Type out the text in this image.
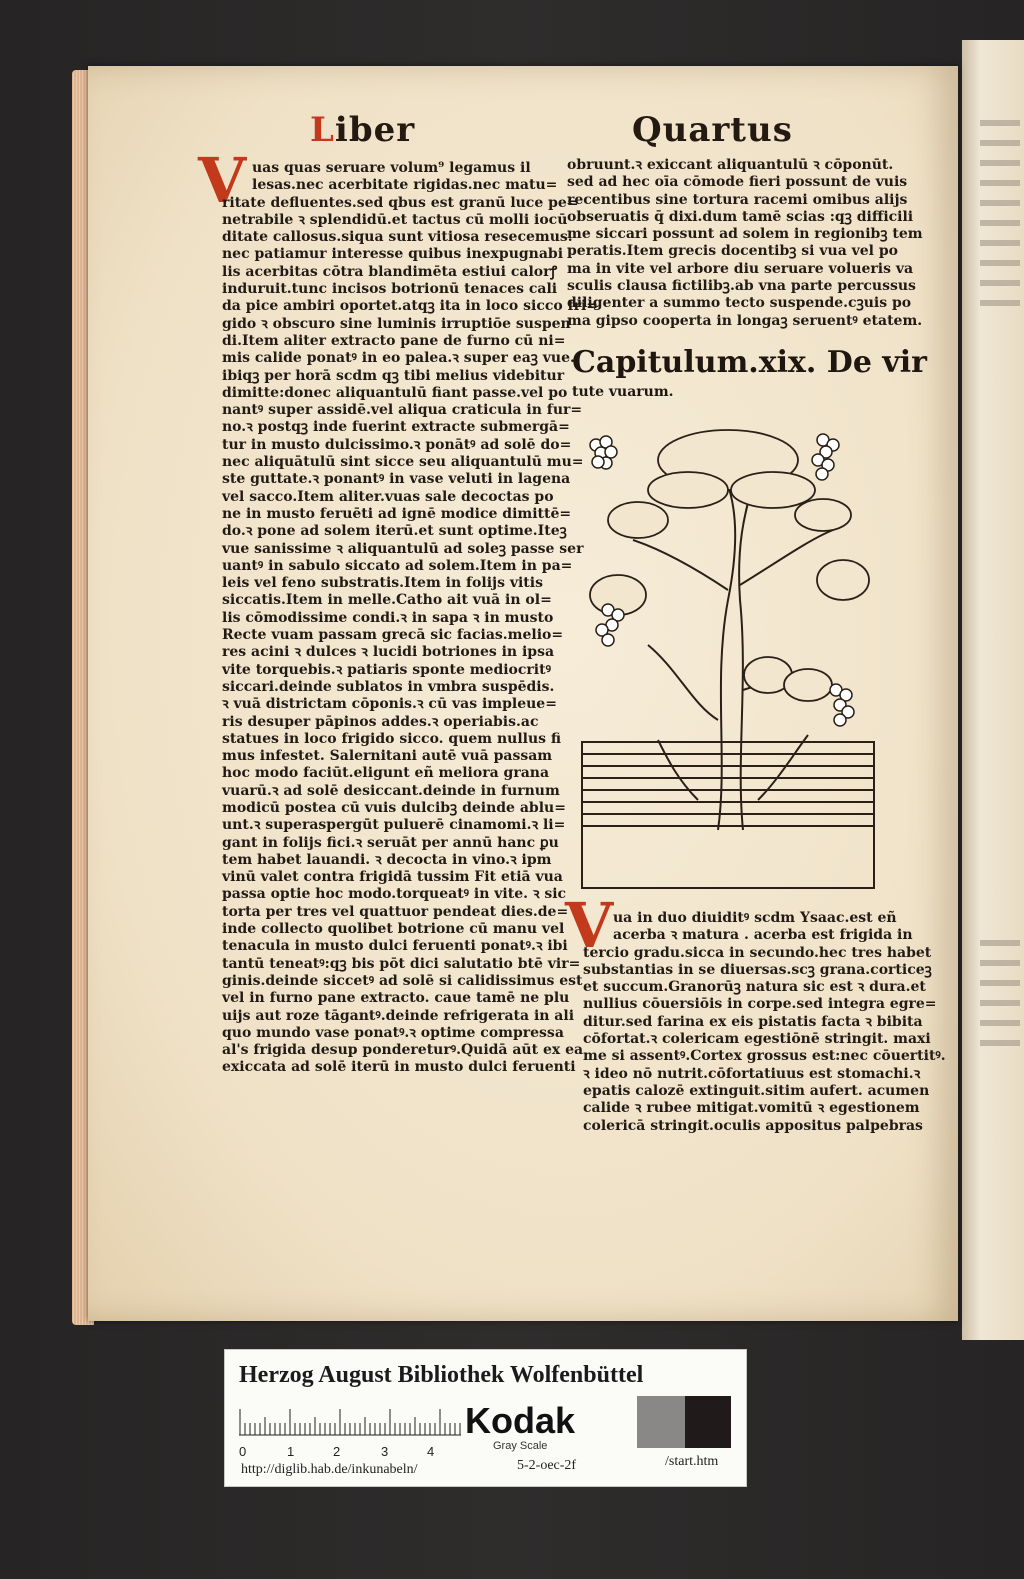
Liber	Quartus
V uas quas seruare volum⁹ legamus il

lesas.nec acerbitate rigidas.nec matu=

ritate defluentes.sed qbus est granū luce pe=

netrabile ꝛ splendidū.et tactus cū molli iocū

ditate callosus.siqua sunt vitiosa resecemus.

nec patiamur interesse quibus inexpugnabi

lis acerbitas cōtra blandimēta estiui calorꝭ

induruit.tunc incisos botrionū tenaces cali

da pice ambiri oportet.atqꝫ ita in loco sicco fri=

gido ꝛ obscuro sine luminis irruptiōe suspen

di.Item aliter extracto pane de furno cū ni=

mis calide ponatꝰ in eo palea.ꝛ super eaꝫ vue.

ibiqꝫ per horā scdm qꝫ tibi melius videbitur

dimitte:donec aliquantulū fiant passe.vel po

nantꝰ super assidē.vel aliqua craticula in fur=

no.ꝛ postqꝫ inde fuerint extracte submergā=

tur in musto dulcissimo.ꝛ ponātꝰ ad solē do=

nec aliquātulū sint sicce seu aliquantulū mu=

ste guttate.ꝛ ponantꝰ in vase veluti in lagena

vel sacco.Item aliter.vuas sale decoctas po

ne in musto feruēti ad ignē modice dimittē=

do.ꝛ pone ad solem iterū.et sunt optime.Iteꝫ

vue sanissime ꝛ aliquantulū ad soleꝫ passe ser

uantꝰ in sabulo siccato ad solem.Item in pa=

leis vel feno substratis.Item in folijs vitis

siccatis.Item in melle.Catho ait vuā in ol=

lis cōmodissime condi.ꝛ in sapa ꝛ in musto

Recte vuam passam grecā sic facias.melio=

res acini ꝛ dulces ꝛ lucidi botriones in ipsa

vite torquebis.ꝛ patiaris sponte mediocritꝰ

siccari.deinde sublatos in vmbra suspēdis.

ꝛ vuā districtam cōponis.ꝛ cū vas impleue=

ris desuper pāpinos addes.ꝛ operiabis.ac

statues in loco frigido sicco. quem nullus fi

mus infestet. Salernitani autē vuā passam

hoc modo faciūt.eligunt eñ meliora grana

vuarū.ꝛ ad solē desiccant.deinde in furnum

modicū postea cū vuis dulcibꝫ deinde ablu=

unt.ꝛ superaspergūt puluerē cinamomi.ꝛ li=

gant in folijs fici.ꝛ seruāt per annū hanc ꝑu

tem habet lauandi. ꝛ decocta in vino.ꝛ ipm

vinū valet contra frigidā tussim Fit etiā vua

passa optie hoc modo.torqueatꝰ in vite. ꝛ sic

torta per tres vel quattuor pendeat dies.de=

inde collecto quolibet botrione cū manu vel

tenacula in musto dulci feruenti ponatꝰ.ꝛ ibi

tantū teneatꝰ:qꝫ bis pōt dici salutatio btē vir=

ginis.deinde siccetꝰ ad solē si calidissimus est

vel in furno pane extracto. caue tamē ne plu

uijs aut roze tāgantꝰ.deinde refrigerata in ali

quo mundo vase ponatꝰ.ꝛ optime compressa

al's frigida desup pondereturꝰ.Quidā aūt ex ea

exiccata ad solē iterū in musto dulci feruenti

obruunt.ꝛ exiccant aliquantulū ꝛ cōponūt.

sed ad hec oīa cōmode fieri possunt de vuis

recentibus sine tortura racemi omibus alijs

obseruatis q̄ dixi.dum tamē scias :qꝫ difficili

me siccari possunt ad solem in regionibꝫ tem

peratis.Item grecis docentibꝫ si vua vel po

ma in vite vel arbore diu seruare volueris va

sculis clausa fictilibꝫ.ab vna parte percussus

diligenter a summo tecto suspende.cꝫuis po

ma gipso cooperta in longaꝫ seruentꝰ etatem.

Capitulum.xix. De vir
tute vuarum.
V ua in duo diuiditꝰ scdm Ysaac.est eñ

acerba ꝛ matura . acerba est frigida in

tercio gradu.sicca in secundo.hec tres habet

substantias in se diuersas.scꝫ grana.corticeꝫ

et succum.Granorūꝫ natura sic est ꝛ dura.et

nullius cōuersiōis in corpe.sed integra egre=

ditur.sed farina ex eis pistatis facta ꝛ bibita

cōfortat.ꝛ colericam egestiōnē stringit. maxi

me si assentꝰ.Cortex grossus est:nec cōuertitꝰ.

ꝛ ideo nō nutrit.cōfortatiuus est stomachi.ꝛ

epatis calozē extinguit.sitim aufert. acumen

calide ꝛ rubee mitigat.vomitū ꝛ egestionem

colericā stringit.oculis appositus palpebras

Herzog August Bibliothek Wolfenbüttel
0	1	2	3	4
Kodak
Gray Scale
http://diglib.hab.de/inkunabeln/	5-2-oec-2f	/start.htm
